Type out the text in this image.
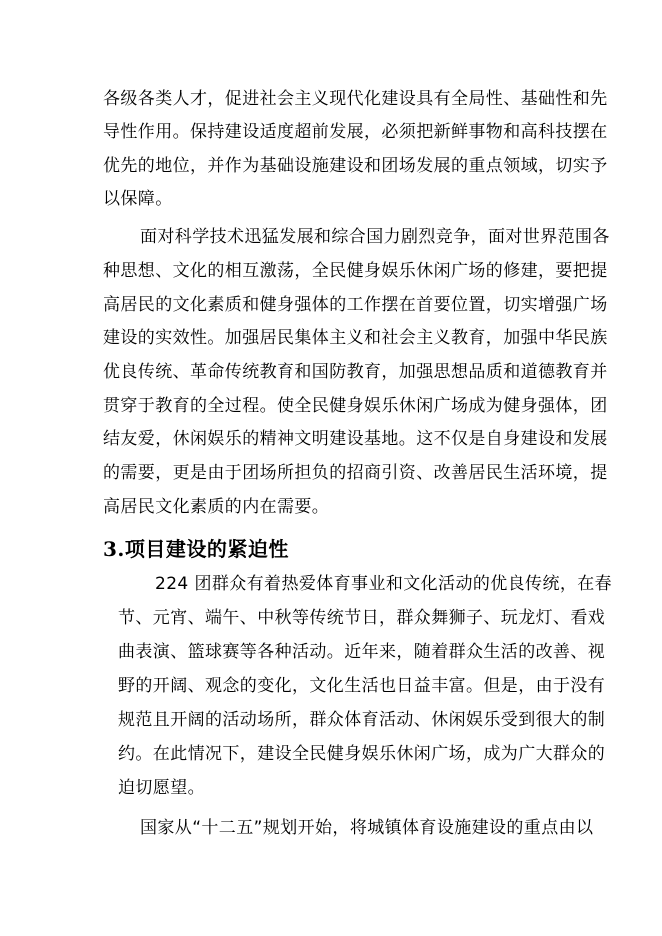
各级各类人才，促进社会主义现代化建设具有全局性、基础性和先
导性作用。保持建设适度超前发展，必须把新鲜事物和高科技摆在
优先的地位，并作为基础设施建设和团场发展的重点领域，切实予
以保障。
面对科学技术迅猛发展和综合国力剧烈竞争，面对世界范围各
种思想、文化的相互激荡，全民健身娱乐休闲广场的修建，要把提
高居民的文化素质和健身强体的工作摆在首要位置，切实增强广场
建设的实效性。加强居民集体主义和社会主义教育，加强中华民族
优良传统、革命传统教育和国防教育，加强思想品质和道德教育并
贯穿于教育的全过程。使全民健身娱乐休闲广场成为健身强体，团
结友爱，休闲娱乐的精神文明建设基地。这不仅是自身建设和发展
的需要，更是由于团场所担负的招商引资、改善居民生活环境，提
高居民文化素质的内在需要。
3.项目建设的紧迫性
224 团群众有着热爱体育事业和文化活动的优良传统，在春
节、元宵、端午、中秋等传统节日，群众舞狮子、玩龙灯、看戏
曲表演、篮球赛等各种活动。近年来，随着群众生活的改善、视
野的开阔、观念的变化，文化生活也日益丰富。但是，由于没有
规范且开阔的活动场所，群众体育活动、休闲娱乐受到很大的制
约。在此情况下，建设全民健身娱乐休闲广场，成为广大群众的
迫切愿望。
国家从“十二五”规划开始，将城镇体育设施建设的重点由以
